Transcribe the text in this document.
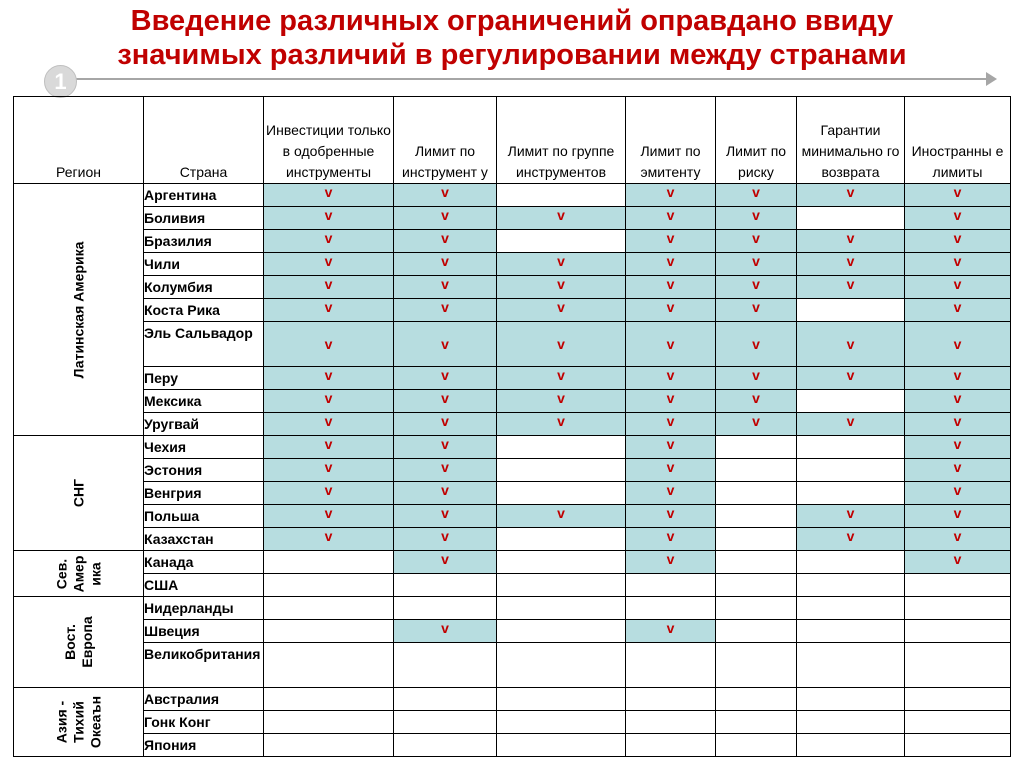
Введение различных ограничений оправдано ввиду
значимых различий в регулировании между странами
1
Регион	Страна	Инвестиции только в одобренные инструменты	Лимит по инструмент у	Лимит по группе инструментов	Лимит по эмитенту	Лимит по риску	Гарантии минимально го возврата	Иностранны е лимиты

Латинская Америка	Аргентина	v	v		v	v	v	v
	Боливия	v	v	v	v	v		v
	Бразилия	v	v		v	v	v	v
	Чили	v	v	v	v	v	v	v
	Колумбия	v	v	v	v	v	v	v
	Коста Рика	v	v	v	v	v		v
	Эль Сальвадор	v	v	v	v	v	v	v
	Перу	v	v	v	v	v	v	v
	Мексика	v	v	v	v	v		v
	Уругвай	v	v	v	v	v	v	v

СНГ	Чехия	v	v		v			v
	Эстония	v	v		v			v
	Венгрия	v	v		v			v
	Польша	v	v	v	v		v	v
	Казахстан	v	v		v		v	v

Сев.
Амер
ика	Канада		v		v			v
	США							

Вост.
Европа	Нидерланды							
	Швеция		v		v			
	Великобритания							

Азия -
Тихий
Океаън	Австралия							
	Гонк Конг							
	Япония							
